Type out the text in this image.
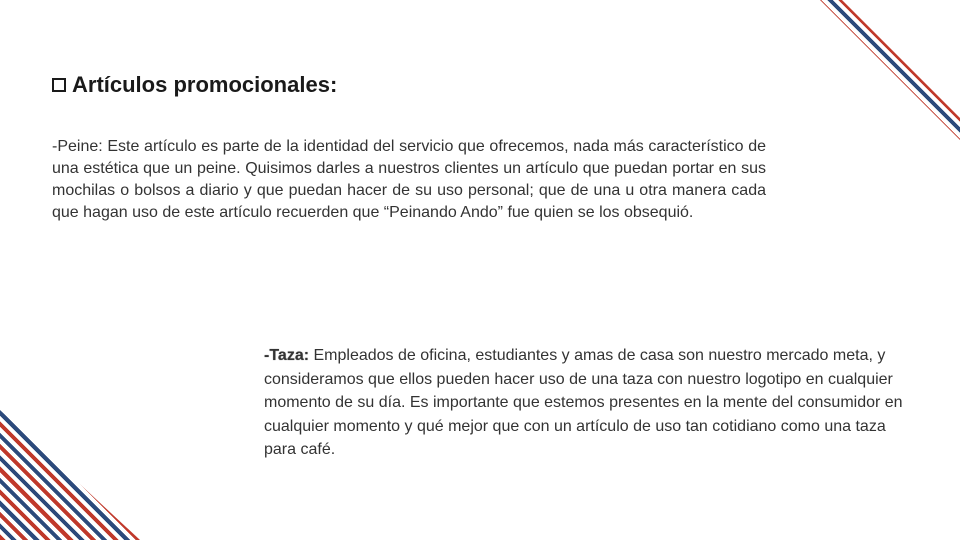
Artículos promocionales:
-Peine: Este artículo es parte de la identidad del servicio que ofrecemos, nada más característico de una estética que un peine. Quisimos darles a nuestros clientes un artículo que puedan portar en sus mochilas o bolsos a diario y que puedan hacer de su uso personal; que de una u otra manera cada que hagan uso de este artículo recuerden que “Peinando Ando” fue quien se los obsequió.
-Taza: Empleados de oficina, estudiantes y amas de casa son nuestro mercado meta, y consideramos que ellos pueden hacer uso de una taza con nuestro logotipo en cualquier momento de su día. Es importante que estemos presentes en la mente del consumidor en cualquier momento y qué mejor que con un artículo de uso tan cotidiano como una taza para café.
